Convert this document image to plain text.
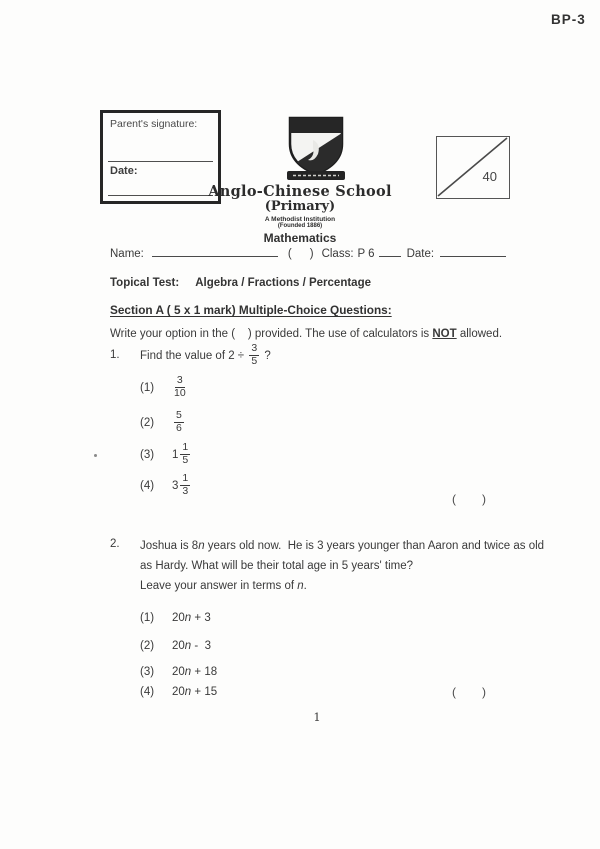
BP-3
Parent's signature:
Date:
Anglo-Chinese School
(Primary)
A Methodist Institution
(Founded 1886)
Mathematics
40
Name:	( ) Class: P 6	Date:
Topical Test: Algebra / Fractions / Percentage
Section A ( 5 x 1 mark) Multiple-Choice Questions:
Write your option in the (    ) provided. The use of calculators is NOT allowed.
1. Find the value of $2 \div \frac{3}{5}$ ?
(1)	$\frac{3}{10}$
(2)	$\frac{5}{6}$
(3)	$1 \frac{1}{5}$
(4)	$3 \frac{1}{3}$
( )
2. Joshua is 8n years old now.  He is 3 years younger than Aaron and twice as old
as Hardy. What will be their total age in 5 years' time?
Leave your answer in terms of n.
(1)	20 n + 3
(2)	20 n -  3
(3)	20 n + 18
(4)	20 n + 15	( )
1
